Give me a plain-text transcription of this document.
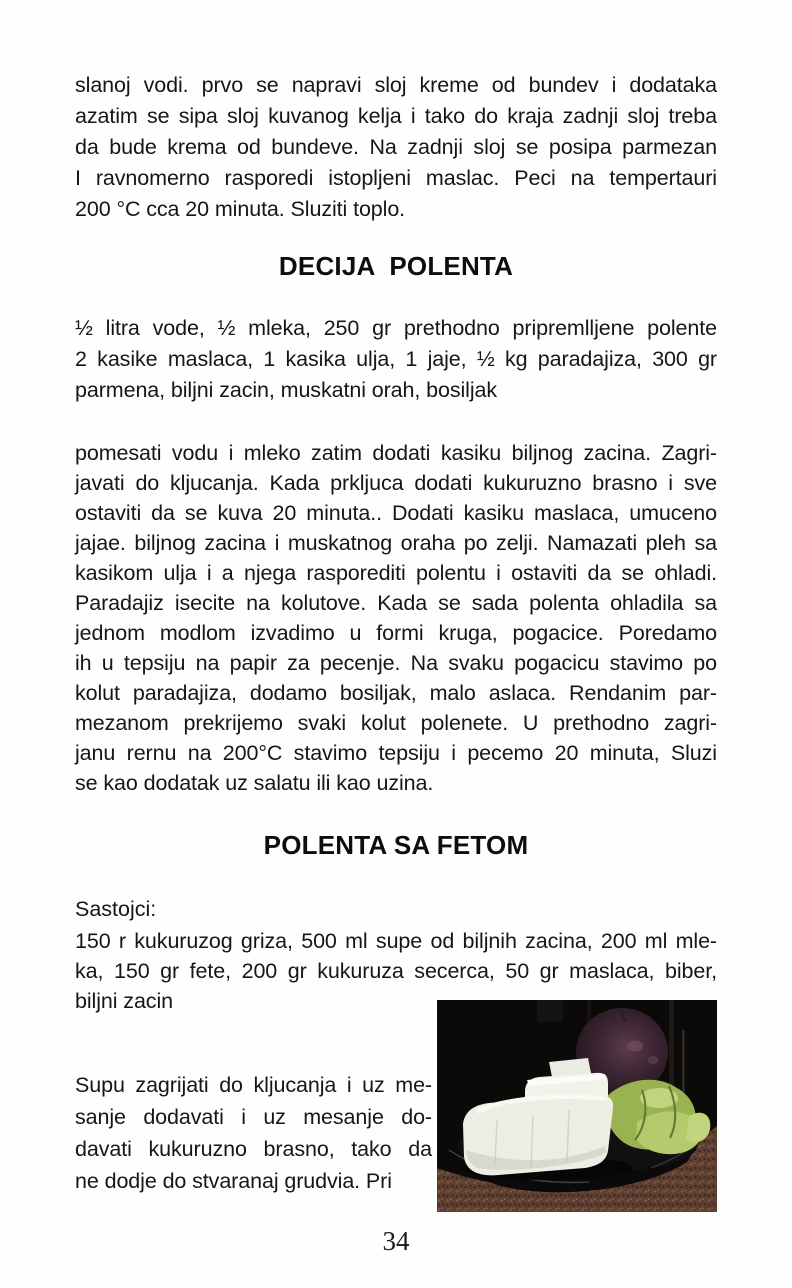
slanoj vodi. prvo se napravi sloj kreme od bundev i dodataka
azatim se sipa sloj kuvanog kelja i tako do kraja zadnji sloj treba
da bude krema od bundeve. Na zadnji sloj se posipa parmezan
I ravnomerno rasporedi istopljeni maslac. Peci na tempertauri
200 °C cca 20 minuta. Sluziti toplo.
DECIJA  POLENTA
½ litra vode, ½ mleka, 250 gr prethodno pripremlljene polente
2 kasike maslaca, 1 kasika ulja, 1 jaje, ½ kg paradajiza, 300 gr
parmena, biljni zacin, muskatni orah, bosiljak
pomesati vodu i mleko zatim dodati kasiku biljnog zacina. Zagri-
javati do kljucanja. Kada prkljuca dodati kukuruzno brasno i sve
ostaviti da se kuva 20 minuta.. Dodati kasiku maslaca, umuceno
jajae. biljnog zacina i muskatnog oraha po zelji. Namazati pleh sa
kasikom ulja i a njega rasporediti polentu i ostaviti da se ohladi.
Paradajiz isecite na kolutove. Kada se sada polenta ohladila sa
jednom modlom izvadimo u formi kruga, pogacice. Poredamo
ih u tepsiju na papir za pecenje. Na svaku pogacicu stavimo po
kolut paradajiza, dodamo bosiljak, malo aslaca. Rendanim par-
mezanom prekrijemo svaki kolut polenete. U prethodno zagri-
janu rernu na 200°C stavimo tepsiju i pecemo 20 minuta, Sluzi
se kao dodatak uz salatu ili kao uzina.
POLENTA SA FETOM
Sastojci:
150 r kukuruzog griza, 500 ml supe od biljnih zacina, 200 ml mle-
ka, 150 gr fete, 200 gr kukuruza secerca, 50 gr maslaca, biber,
biljni zacin
Supu zagrijati do kljucanja i uz me-
sanje dodavati i uz mesanje do-
davati kukuruzno brasno, tako da
ne dodje do stvaranaj grudvia. Pri
34
